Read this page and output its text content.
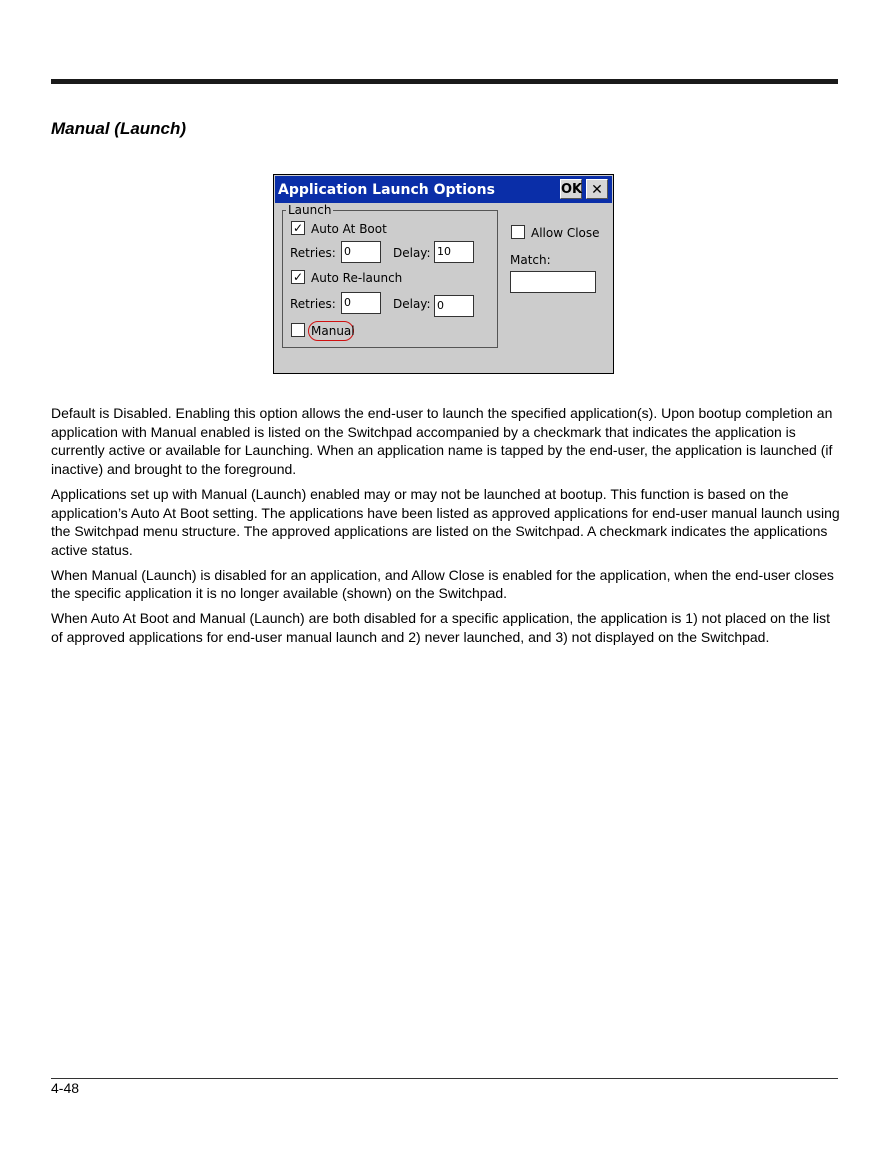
Manual (Launch)
Application Launch Options	OK ✕
Launch
✓ Auto At Boot
Retries: 0	Delay: 10
✓ Auto Re-launch
Retries: 0	Delay: 0
Manual
Allow Close
Match:

Default is Disabled. Enabling this option allows the end-user to launch the specified application(s). Upon bootup completion an application with Manual enabled is listed on the Switchpad accompanied by a checkmark that indicates the application is currently active or available for Launching. When an application name is tapped by the end-user, the application is launched (if inactive) and brought to the foreground.

Applications set up with Manual (Launch) enabled may or may not be launched at bootup. This function is based on the application’s Auto At Boot setting. The applications have been listed as approved applications for end-user manual launch using the Switchpad menu structure. The approved applications are listed on the Switchpad. A checkmark indicates the applications active status.

When Manual (Launch) is disabled for an application, and Allow Close is enabled for the application, when the end-user closes the specific application it is no longer available (shown) on the Switchpad.

When Auto At Boot and Manual (Launch) are both disabled for a specific application, the application is 1) not placed on the list of approved applications for end-user manual launch and 2) never launched, and 3) not displayed on the Switchpad.

4-48
